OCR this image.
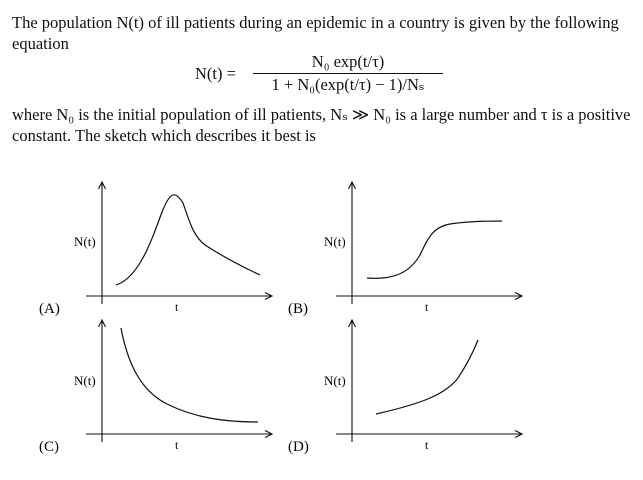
The population N(t) of ill patients during an epidemic in a country is given by the following equation
N(t) =
N₀ exp(t/τ)
1 + N₀(exp(t/τ) − 1)/Nₛ
where N₀ is the initial population of ill patients, Nₛ ≫ N₀ is a large number and τ is a positive constant. The sketch which describes it best is
N(t)
t
(A)
N(t)
t
(B)
N(t)
t
(C)
N(t)
t
(D)
